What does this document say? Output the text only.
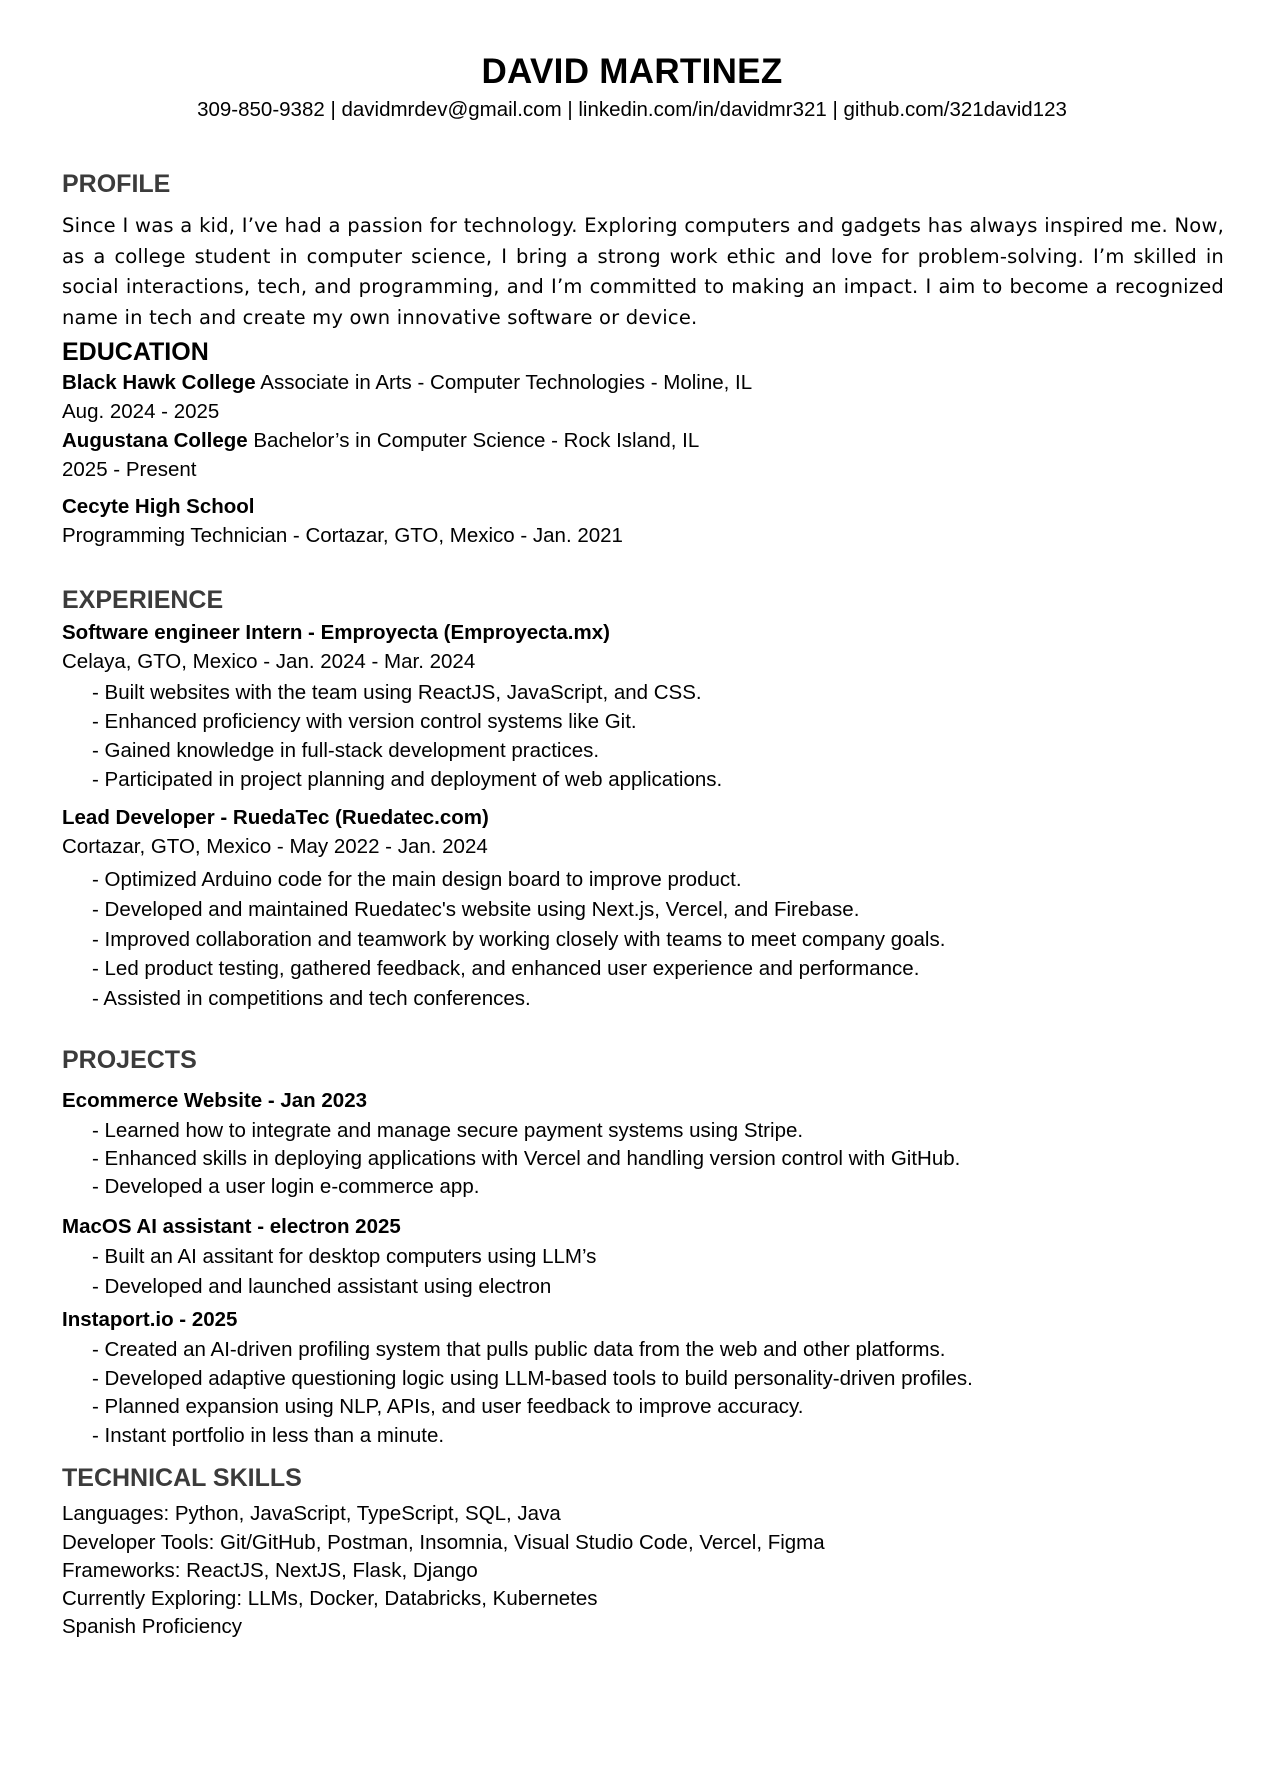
DAVID MARTINEZ
309-850-9382 | davidmrdev@gmail.com | linkedin.com/in/davidmr321 | github.com/321david123
PROFILE
Since I was a kid, I’ve had a passion for technology. Exploring computers and gadgets has always inspired me. Now, as a college student in computer science, I bring a strong work ethic and love for problem-solving. I’m skilled in social interactions, tech, and programming, and I’m committed to making an impact. I aim to become a recognized name in tech and create my own innovative software or device.
EDUCATION
Black Hawk College Associate in Arts - Computer Technologies - Moline, IL
Aug. 2024 - 2025
Augustana College Bachelor’s in Computer Science - Rock Island, IL
2025 - Present
Cecyte High School
Programming Technician - Cortazar, GTO, Mexico - Jan. 2021
EXPERIENCE
Software engineer Intern - Emproyecta (Emproyecta.mx)
Celaya, GTO, Mexico - Jan. 2024 - Mar. 2024
- Built websites with the team using ReactJS, JavaScript, and CSS.
- Enhanced proficiency with version control systems like Git.
- Gained knowledge in full-stack development practices.
- Participated in project planning and deployment of web applications.
Lead Developer - RuedaTec (Ruedatec.com)
Cortazar, GTO, Mexico - May 2022 - Jan. 2024
- Optimized Arduino code for the main design board to improve product.
- Developed and maintained Ruedatec's website using Next.js, Vercel, and Firebase.
- Improved collaboration and teamwork by working closely with teams to meet company goals.
- Led product testing, gathered feedback, and enhanced user experience and performance.
- Assisted in competitions and tech conferences.
PROJECTS
Ecommerce Website - Jan 2023
- Learned how to integrate and manage secure payment systems using Stripe.
- Enhanced skills in deploying applications with Vercel and handling version control with GitHub.
- Developed a user login e-commerce app.
MacOS AI assistant - electron 2025
- Built an AI assitant for desktop computers using LLM’s
- Developed and launched assistant using electron
Instaport.io - 2025
- Created an AI-driven profiling system that pulls public data from the web and other platforms.
- Developed adaptive questioning logic using LLM-based tools to build personality-driven profiles.
- Planned expansion using NLP, APIs, and user feedback to improve accuracy.
- Instant portfolio in less than a minute.
TECHNICAL SKILLS
Languages: Python, JavaScript, TypeScript, SQL, Java
Developer Tools: Git/GitHub, Postman, Insomnia, Visual Studio Code, Vercel, Figma
Frameworks: ReactJS, NextJS, Flask, Django
Currently Exploring: LLMs, Docker, Databricks, Kubernetes
Spanish Proficiency
